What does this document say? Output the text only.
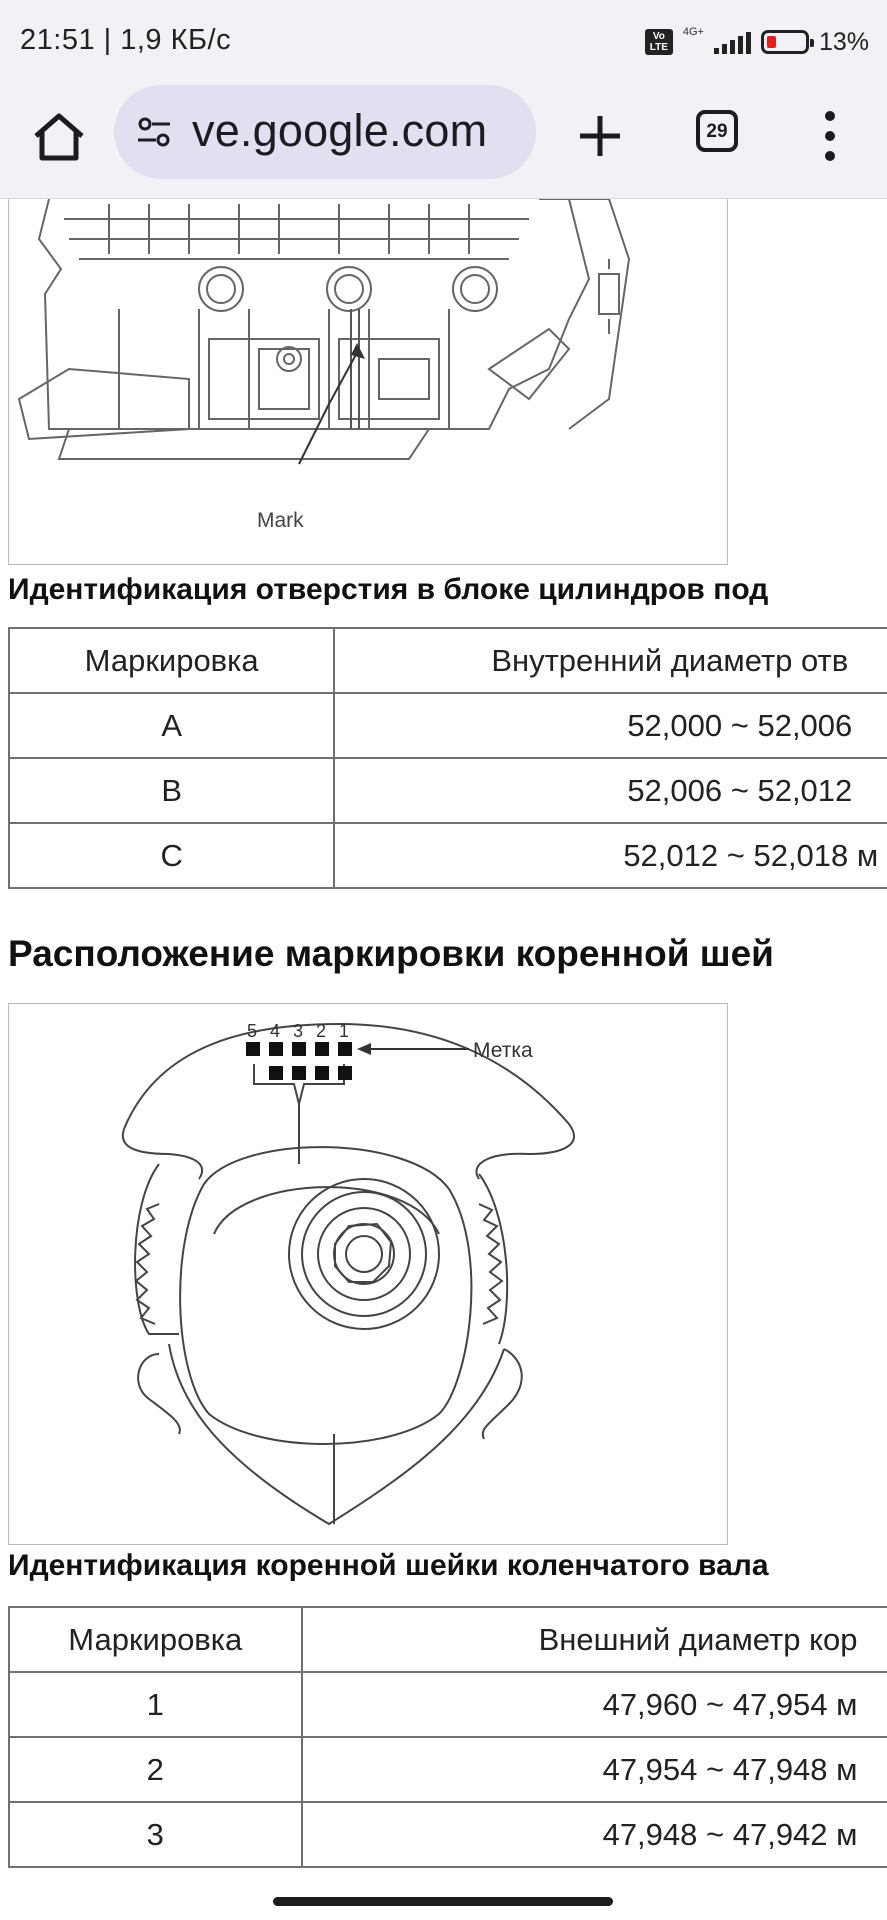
21:51 | 1,9 КБ/с	Vo LTE
4G+	13%
ve.google.com	29
Mark
Идентификация отверстия в блоке цилиндров под
Маркировка	Внутренний диаметр отв

A	52,000 ~ 52,006

B	52,006 ~ 52,012

C	52,012 ~ 52,018 м
Расположение маркировки коренной шей
5 4 3 2 1
Метка
Идентификация коренной шейки коленчатого вала
Маркировка	Внешний диаметр кор

1	47,960 ~ 47,954 м

2	47,954 ~ 47,948 м

3	47,948 ~ 47,942 м
